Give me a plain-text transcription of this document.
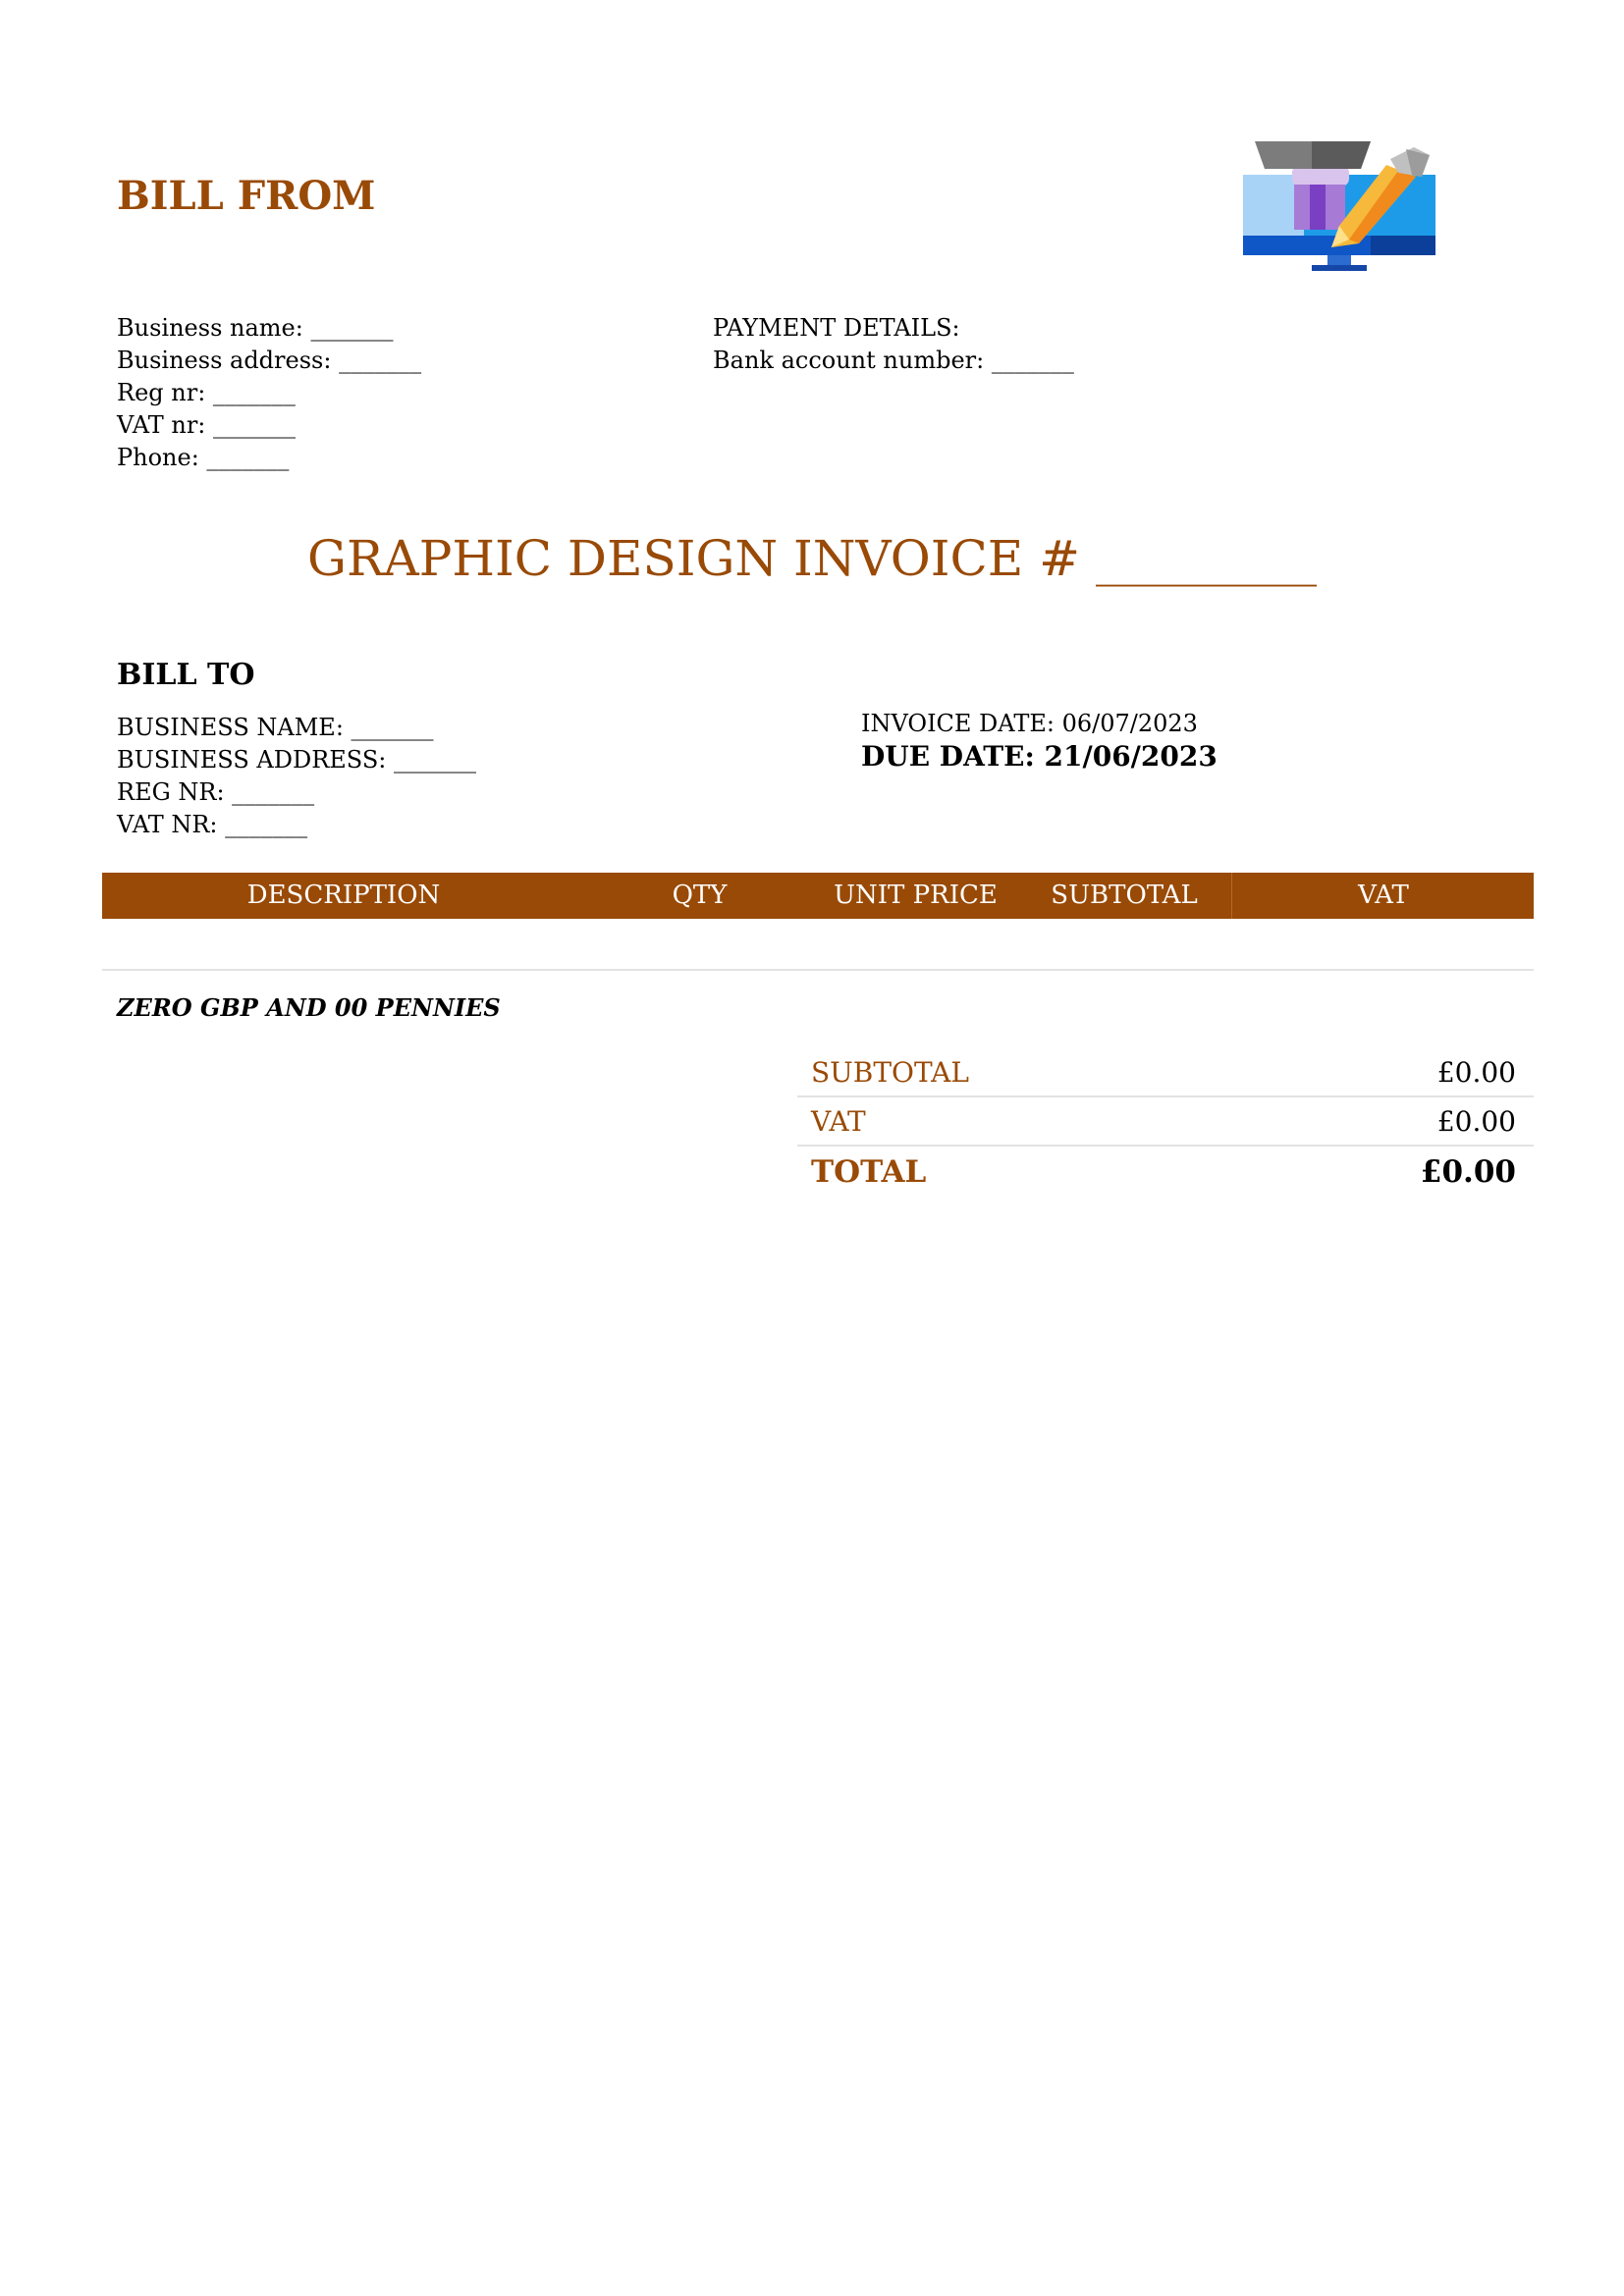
BILL FROM
Business name: _______
Business address: _______
Reg nr: _______
VAT nr: _______
Phone: _______
PAYMENT DETAILS:
Bank account number: _______
GRAPHIC DESIGN INVOICE # _________
BILL TO
BUSINESS NAME: _______
BUSINESS ADDRESS: _______
REG NR: _______
VAT NR: _______
INVOICE DATE: 06/07/2023
DUE DATE: 21/06/2023
DESCRIPTION	QTY	UNIT PRICE	SUBTOTAL	VAT
ZERO GBP AND 00 PENNIES
SUBTOTAL	£0.00
VAT	£0.00
TOTAL	£0.00
